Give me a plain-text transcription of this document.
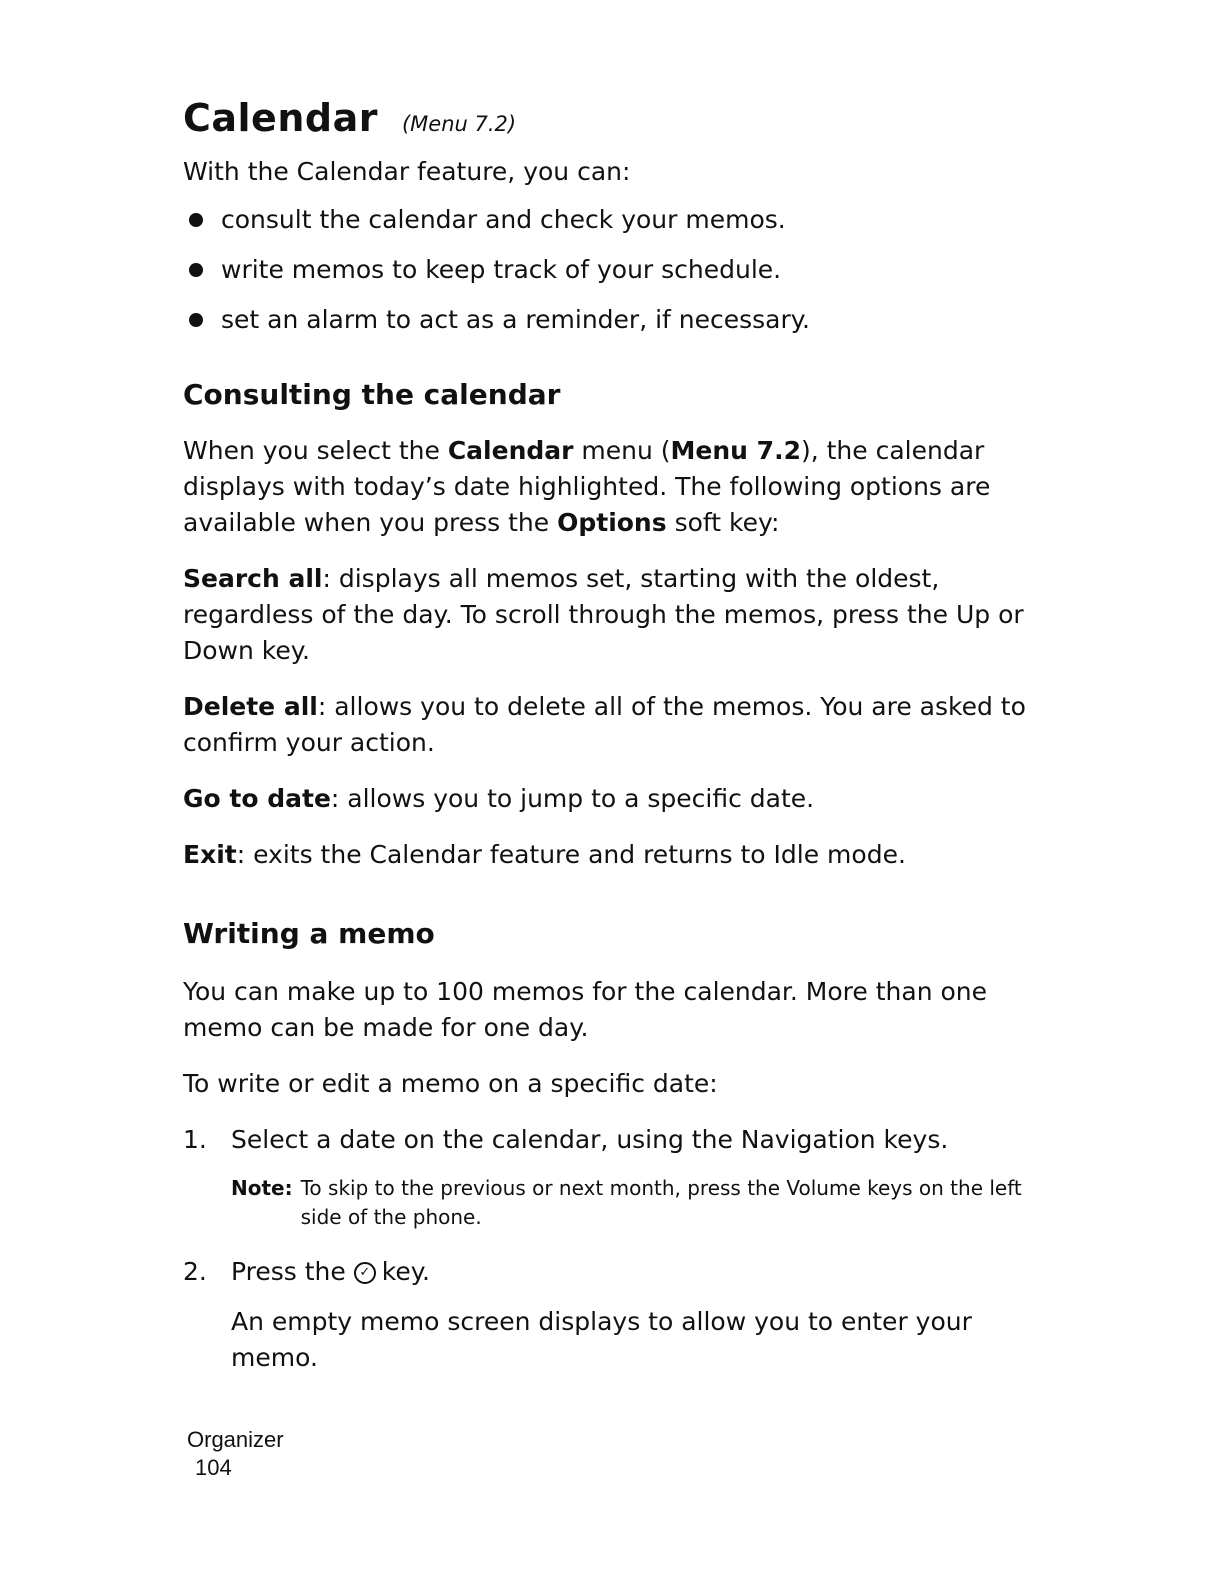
Calendar (Menu 7.2)

With the Calendar feature, you can:

consult the calendar and check your memos.
write memos to keep track of your schedule.
set an alarm to act as a reminder, if necessary.
Consulting the calendar

When you select the Calendar menu (Menu 7.2), the calendar displays with today’s date highlighted. The following options are available when you press the Options soft key:

Search all: displays all memos set, starting with the oldest, regardless of the day. To scroll through the memos, press the Up or Down key.

Delete all: allows you to delete all of the memos. You are asked to confirm your action.

Go to date: allows you to jump to a specific date.

Exit: exits the Calendar feature and returns to Idle mode.

Writing a memo

You can make up to 100 memos for the calendar. More than one memo can be made for one day.

To write or edit a memo on a specific date:

1. Select a date on the calendar, using the Navigation keys.
Note: To skip to the previous or next month, press the Volume keys on the left side of the phone.
2. Press the ✓ key.
An empty memo screen displays to allow you to enter your memo.
Organizer
104
